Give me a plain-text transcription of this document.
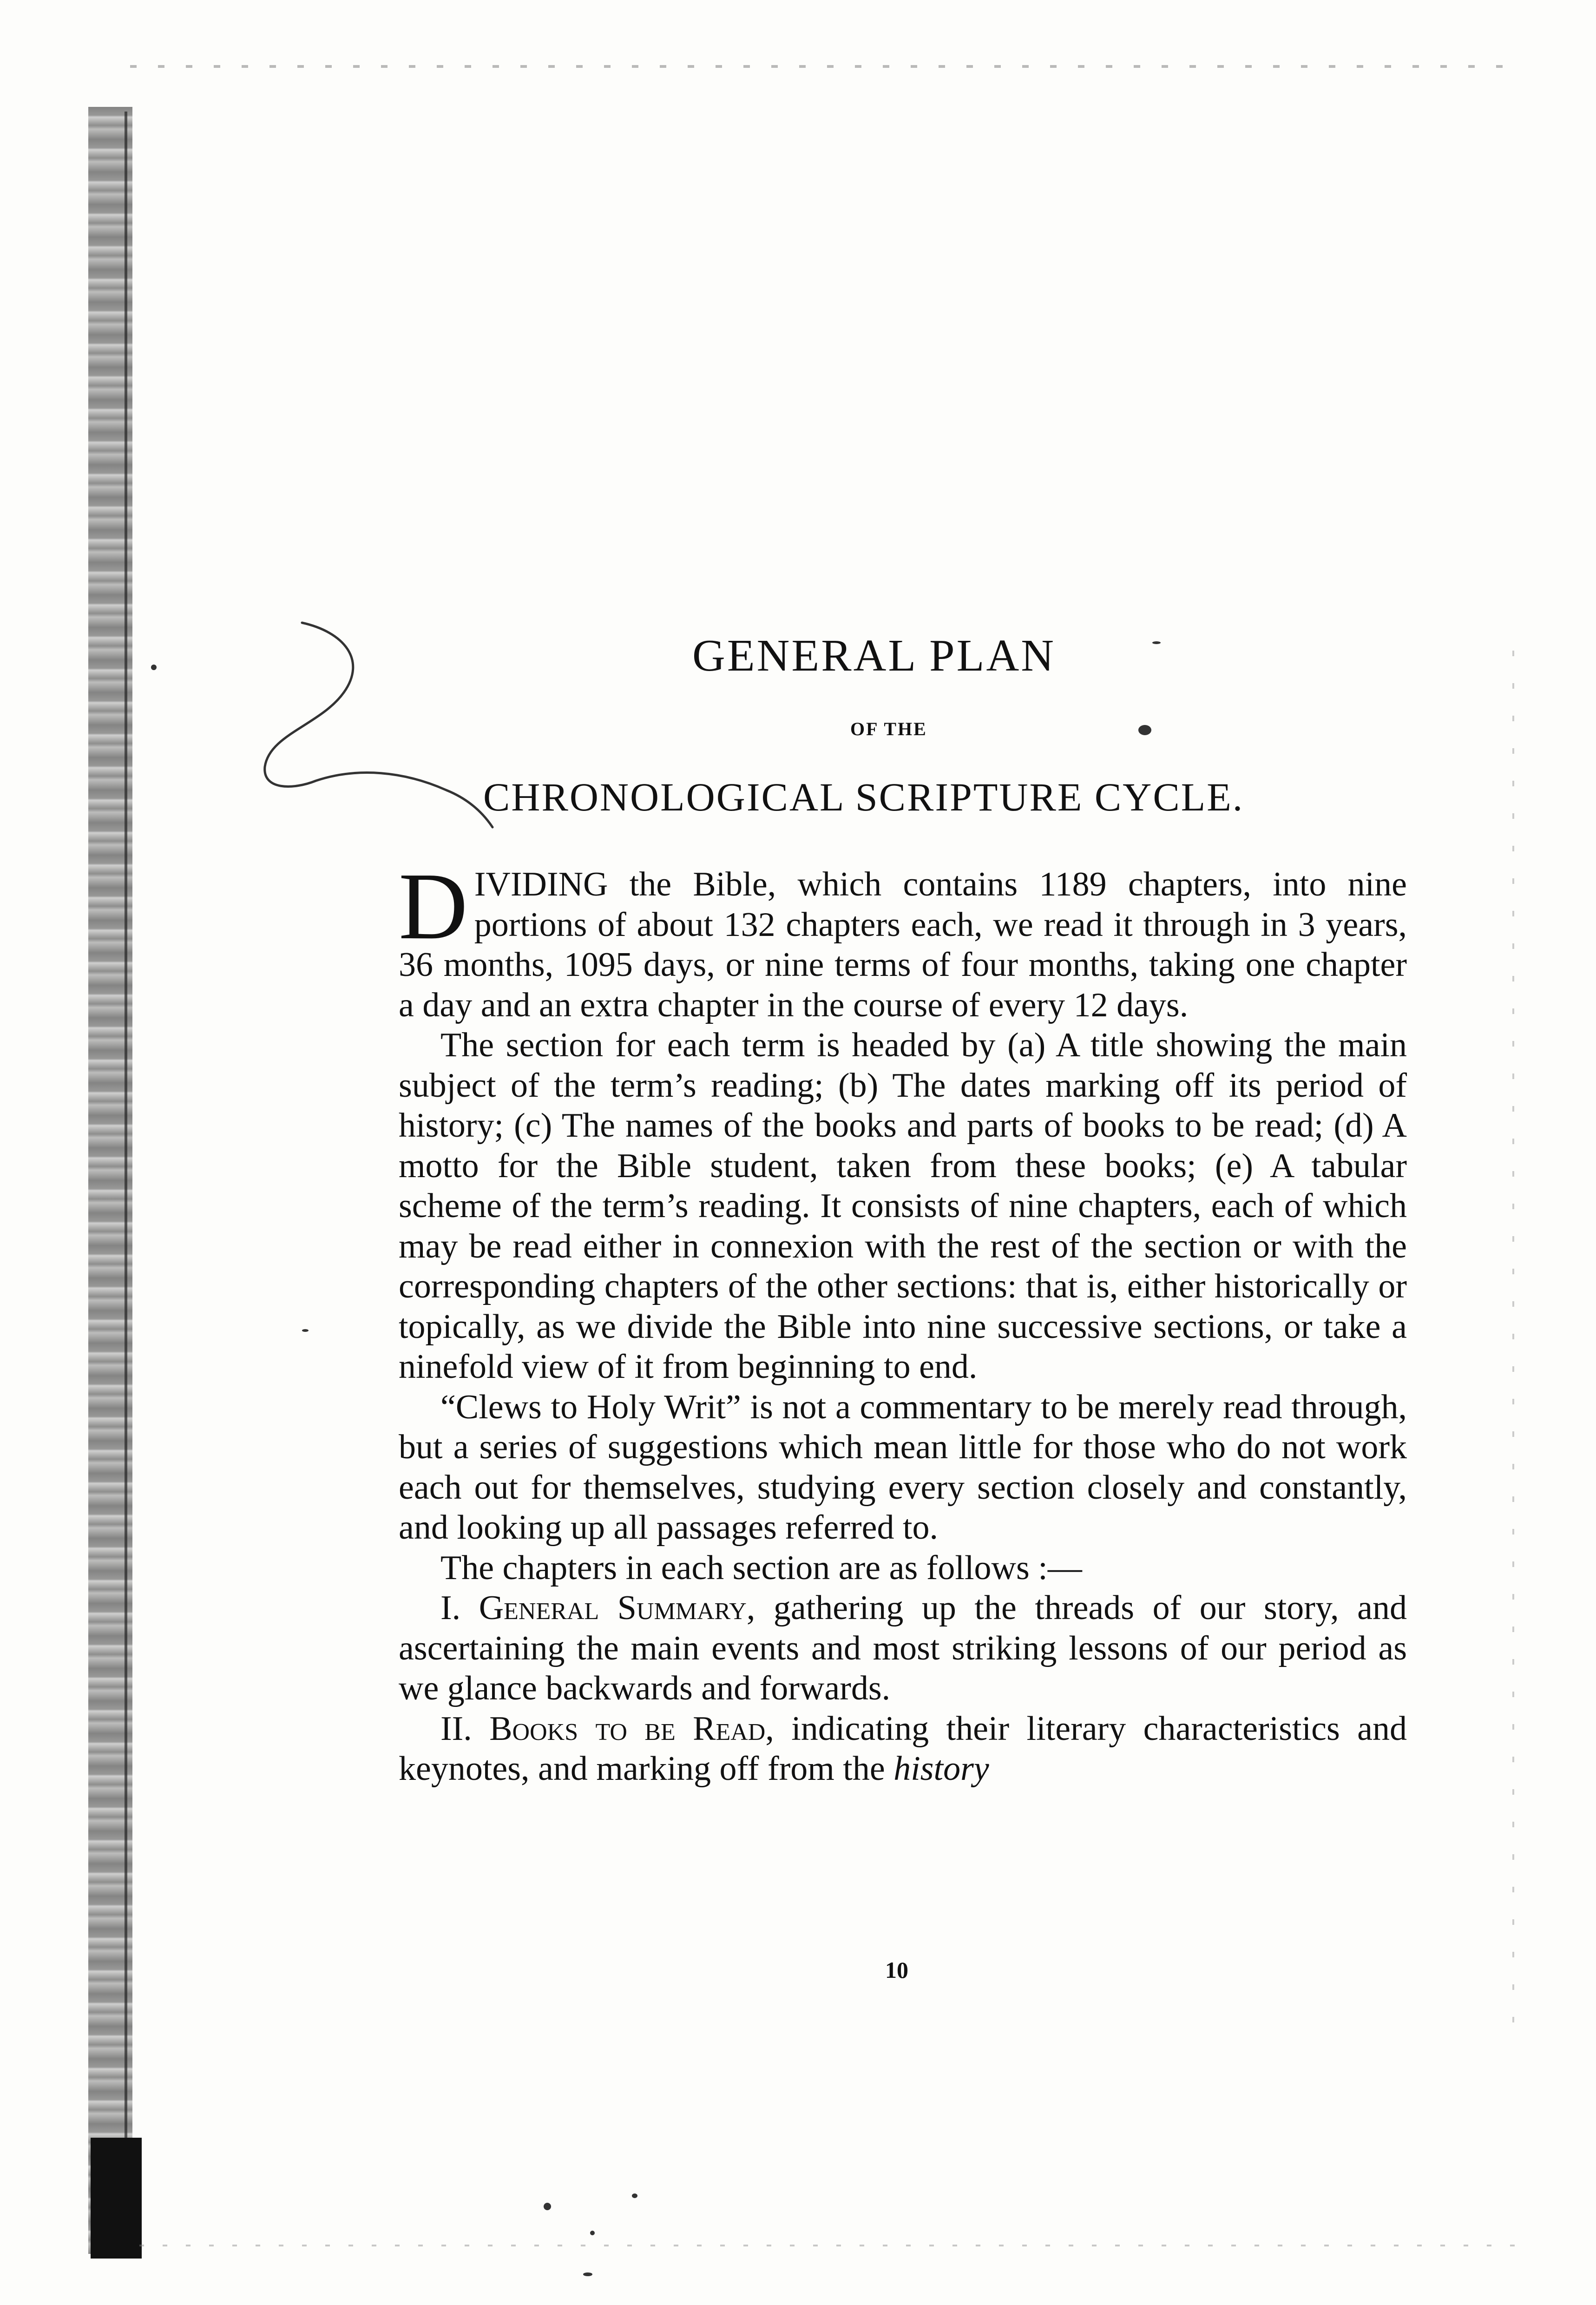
GENERAL PLAN
OF THE
CHRONOLOGICAL SCRIPTURE CYCLE.

DIVIDING the Bible, which contains 1189 chapters, into nine portions of about 132 chapters each, we read it through in 3 years, 36 months, 1095 days, or nine terms of four months, taking one chapter a day and an extra chapter in the course of every 12 days.

The section for each term is headed by (a) A title showing the main subject of the term’s reading; (b) The dates marking off its period of history; (c) The names of the books and parts of books to be read; (d) A motto for the Bible student, taken from these books; (e) A tabular scheme of the term’s reading. It consists of nine chapters, each of which may be read either in connexion with the rest of the section or with the corresponding chapters of the other sections: that is, either historically or topically, as we divide the Bible into nine successive sections, or take a ninefold view of it from beginning to end.

“Clews to Holy Writ” is not a commentary to be merely read through, but a series of suggestions which mean little for those who do not work each out for themselves, studying every section closely and constantly, and looking up all passages referred to.

The chapters in each section are as follows :—

I. General Summary, gathering up the threads of our story, and ascertaining the main events and most striking lessons of our period as we glance backwards and forwards.

II. Books to be Read, indicating their literary characteristics and keynotes, and marking off from the history

10
